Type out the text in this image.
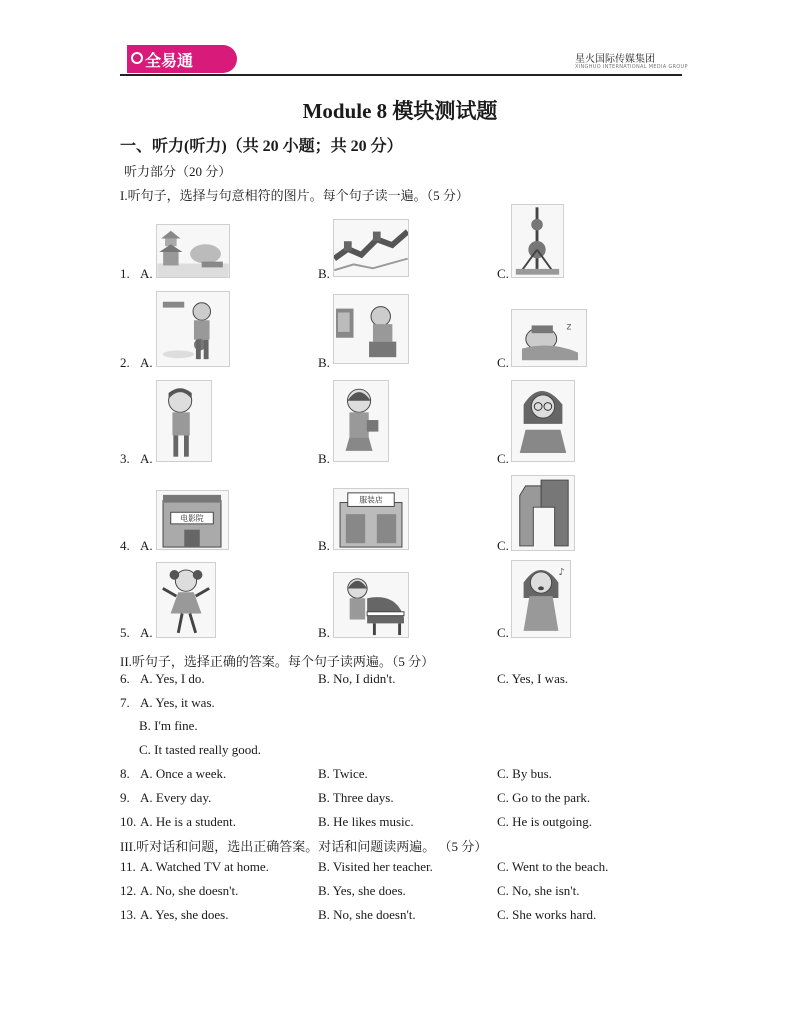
全易通	星火国际传媒集团
XINGHUO INTERNATIONAL MEDIA GROUP
Module 8 模块测试题
一、听力(听力)（共 20 小题；共 20 分）
听力部分（20 分）
I.听句子，选择与句意相符的图片。每个句子读一遍。（5 分）
1. A.	B.	C.
2. A.	B.	C.
z
3. A.	B.	C.
4. A.	B.	C.
电影院
服装店
5. A.	B.	C.
♪
II.听句子，选择正确的答案。每个句子读两遍。（5 分）
6. A. Yes, I do.	B. No, I didn't.	C. Yes, I was.
7. A. Yes, it was.
B. I'm fine.
C. It tasted really good.
8. A. Once a week.	B. Twice.	C. By bus.
9. A. Every day.	B. Three days.	C. Go to the park.
10. A. He is a student.	B. He likes music.	C. He is outgoing.
III.听对话和问题，选出正确答案。对话和问题读两遍。 （5 分）
11. A. Watched TV at home.	B. Visited her teacher.	C. Went to the beach.
12. A. No, she doesn't.	B. Yes, she does.	C. No, she isn't.
13. A. Yes, she does.	B. No, she doesn't.	C. She works hard.
